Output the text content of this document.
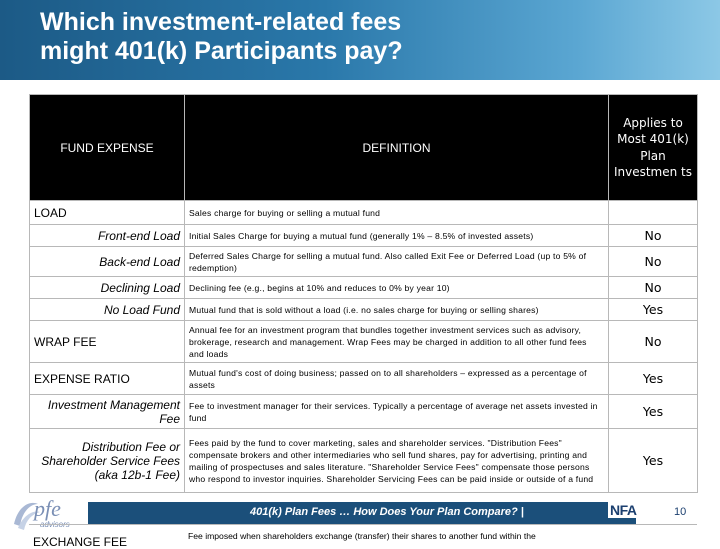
Which investment-related fees
might 401(k) Participants pay?
FUND EXPENSE	DEFINITION	Applies to Most 401(k) Plan Investmen ts
LOAD	Sales charge for buying or selling a mutual fund	
Front-end Load	Initial Sales Charge for buying a mutual fund (generally 1% – 8.5% of invested assets)	No
Back-end Load	Deferred Sales Charge for selling a mutual fund. Also called Exit Fee or Deferred Load (up to 5% of redemption)	No
Declining Load	Declining fee (e.g., begins at 10% and reduces to 0% by year 10)	No
No Load Fund	Mutual fund that is sold without a load (i.e. no sales charge for buying or selling shares)	Yes
WRAP FEE	Annual fee for an investment program that bundles together investment services such as advisory, brokerage, research and management. Wrap Fees may be charged in addition to all other fund fees and loads	No
EXPENSE RATIO	Mutual fund's cost of doing business; passed on to all shareholders – expressed as a percentage of assets	Yes
Investment Management Fee	Fee to investment manager for their services. Typically a percentage of average net assets invested in fund	Yes
Distribution Fee or Shareholder Service Fees (aka 12b-1 Fee)	Fees paid by the fund to cover marketing, sales and shareholder services. "Distribution Fees" compensate brokers and other intermediaries who sell fund shares, pay for advertising, printing and mailing of prospectuses and sales literature. "Shareholder Service Fees" compensate those persons who respond to investor inquiries. Shareholder Servicing Fees can be paid inside or outside of a fund	Yes
401(k) Plan Fees … How Does Your Plan Compare? |
pfe
advisors
NFA	10
EXCHANGE FEE	Fee imposed when shareholders exchange (transfer) their shares to another fund within the
